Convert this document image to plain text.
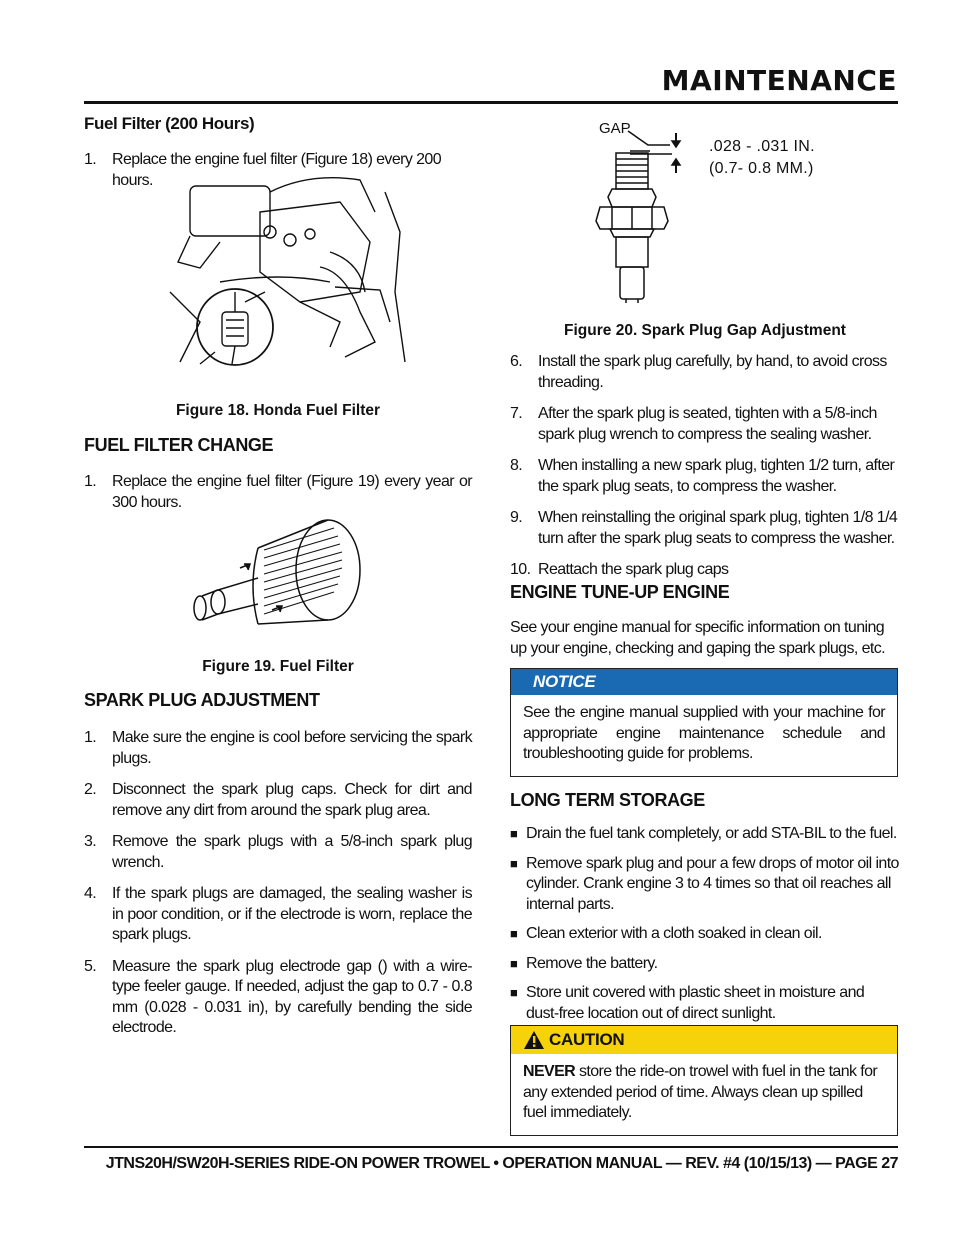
MAINTENANCE
Fuel Filter (200 Hours)
1. Replace the engine fuel filter (Figure 18) every 200 hours.
Figure 18. Honda Fuel Filter
FUEL FILTER CHANGE
1. Replace the engine fuel filter (Figure 19) every year or 300 hours.
Figure 19. Fuel Filter
SPARK PLUG ADJUSTMENT
1. Make sure the engine is cool before servicing the spark plugs.
2. Disconnect the spark plug caps. Check for dirt and remove any dirt from around the spark plug area.
3. Remove the spark plugs with a 5/8-inch spark plug wrench.
4. If the spark plugs are damaged, the sealing washer is in poor condition, or if the electrode is worn, replace the spark plugs.
5. Measure the spark plug electrode gap () with a wire-type feeler gauge. If needed, adjust the gap to 0.7 - 0.8 mm (0.028 - 0.031 in), by carefully bending the side electrode.
GAP
.028 - .031 IN.
(0.7- 0.8 MM.)
Figure 20. Spark Plug Gap Adjustment
6. Install the spark plug carefully, by hand, to avoid cross threading.
7. After the spark plug is seated, tighten with a 5/8-inch spark plug wrench to compress the sealing washer.
8. When installing a new spark plug, tighten 1/2 turn, after the spark plug seats, to compress the washer.
9. When reinstalling the original spark plug, tighten 1/8 1/4 turn after the spark plug seats to compress the washer.
10. Reattach the spark plug caps
ENGINE TUNE-UP ENGINE
See your engine manual for specific information on tuning up your engine, checking and gaping the spark plugs, etc.
NOTICE
See the engine manual supplied with your machine for appropriate engine maintenance schedule and troubleshooting guide for problems.
LONG TERM STORAGE
■ Drain the fuel tank completely, or add STA-BIL to the fuel.
■ Remove spark plug and pour a few drops of motor oil into cylinder. Crank engine 3 to 4 times so that oil reaches all internal parts.
■ Clean exterior with a cloth soaked in clean oil.
■ Remove the battery.
■ Store unit covered with plastic sheet in moisture and dust-free location out of direct sunlight.
CAUTION
NEVER store the ride-on trowel with fuel in the tank for any extended period of time. Always clean up spilled fuel immediately.
JTNS20H/SW20H-SERIES RIDE-ON POWER TROWEL • OPERATION MANUAL — REV. #4 (10/15/13) — PAGE 27
